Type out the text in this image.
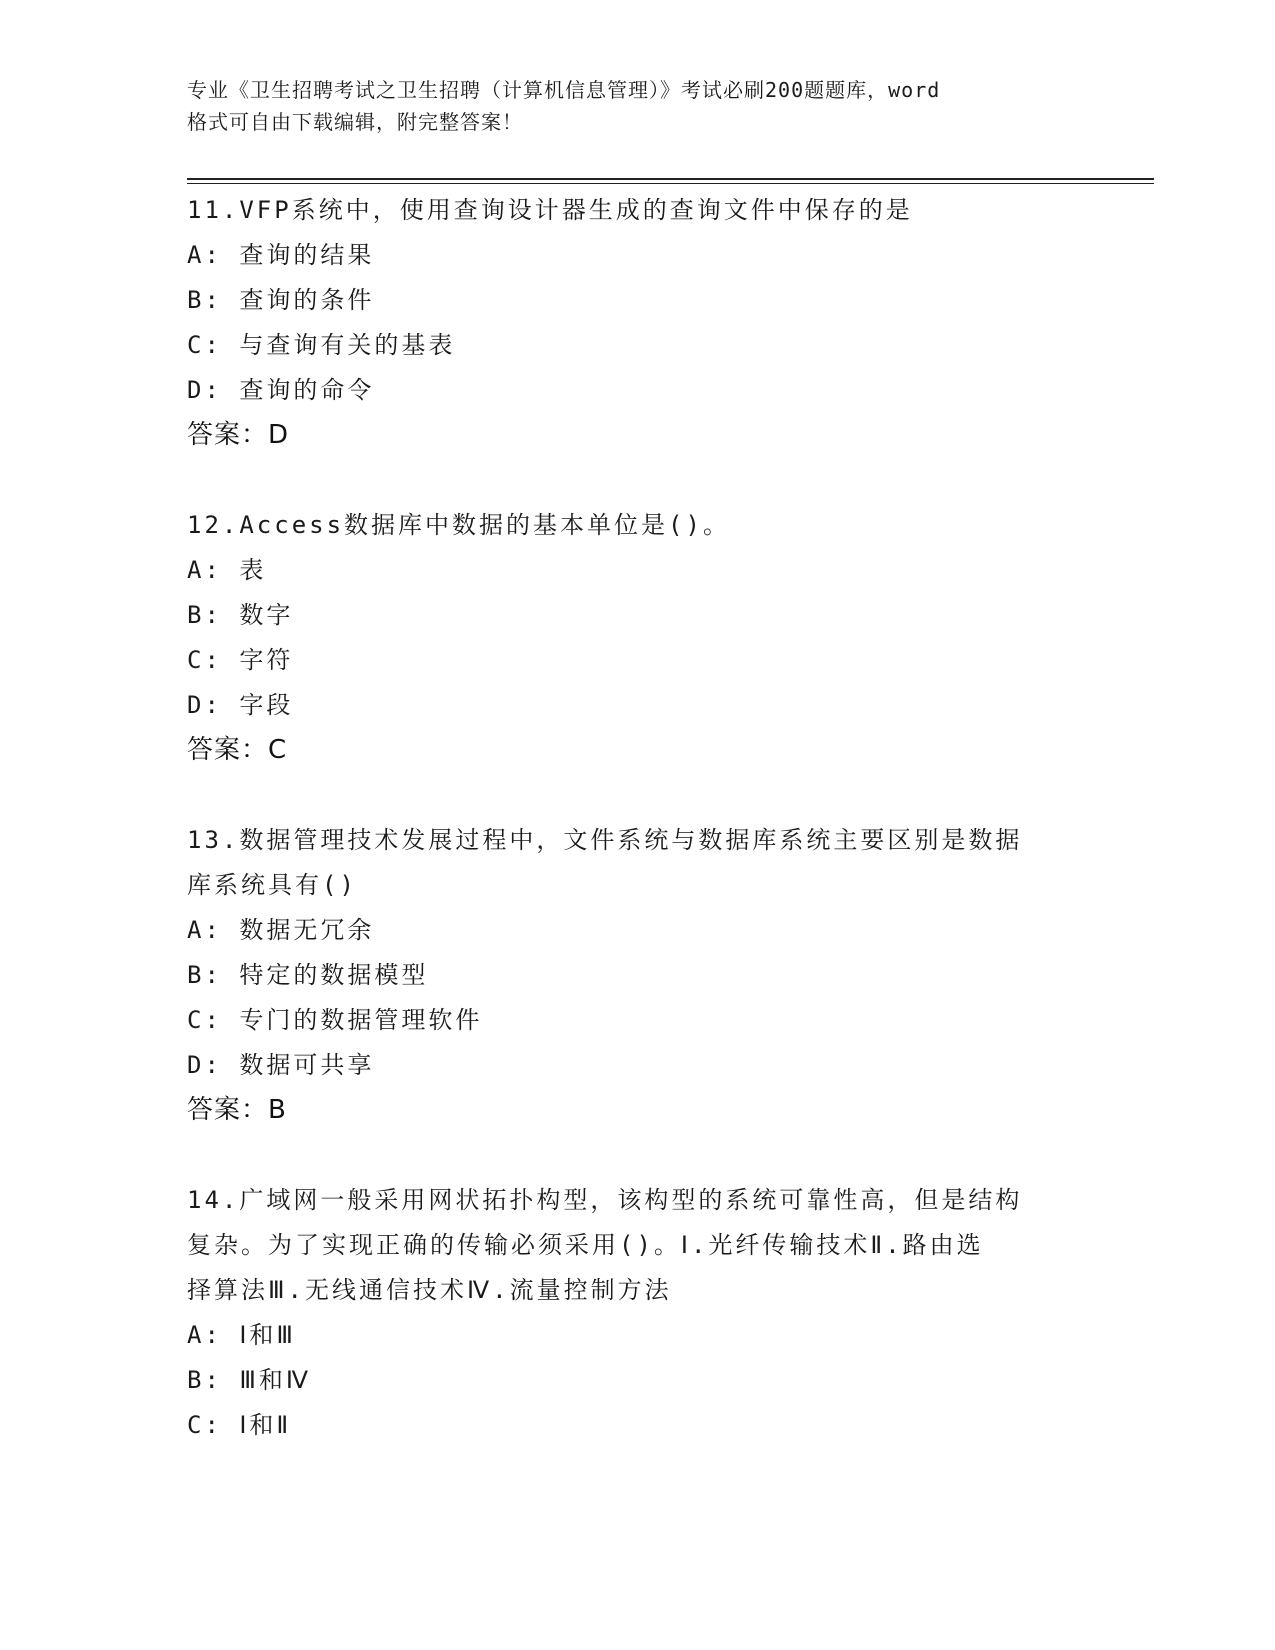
专业《卫生招聘考试之卫生招聘（计算机信息管理）》考试必刷200题题库，word
格式可自由下载编辑，附完整答案！
11.VFP系统中，使用查询设计器生成的查询文件中保存的是
A: 查询的结果
B: 查询的条件
C: 与查询有关的基表
D: 查询的命令
答案：D
12.Access数据库中数据的基本单位是()。
A: 表
B: 数字
C: 字符
D: 字段
答案：C
13.数据管理技术发展过程中，文件系统与数据库系统主要区别是数据
库系统具有()
A: 数据无冗余
B: 特定的数据模型
C: 专门的数据管理软件
D: 数据可共享
答案：B
14.广域网一般采用网状拓扑构型，该构型的系统可靠性高，但是结构
复杂。为了实现正确的传输必须采用()。Ⅰ.光纤传输技术Ⅱ.路由选
择算法Ⅲ.无线通信技术Ⅳ.流量控制方法
A: Ⅰ和Ⅲ
B: Ⅲ和Ⅳ
C: Ⅰ和Ⅱ
